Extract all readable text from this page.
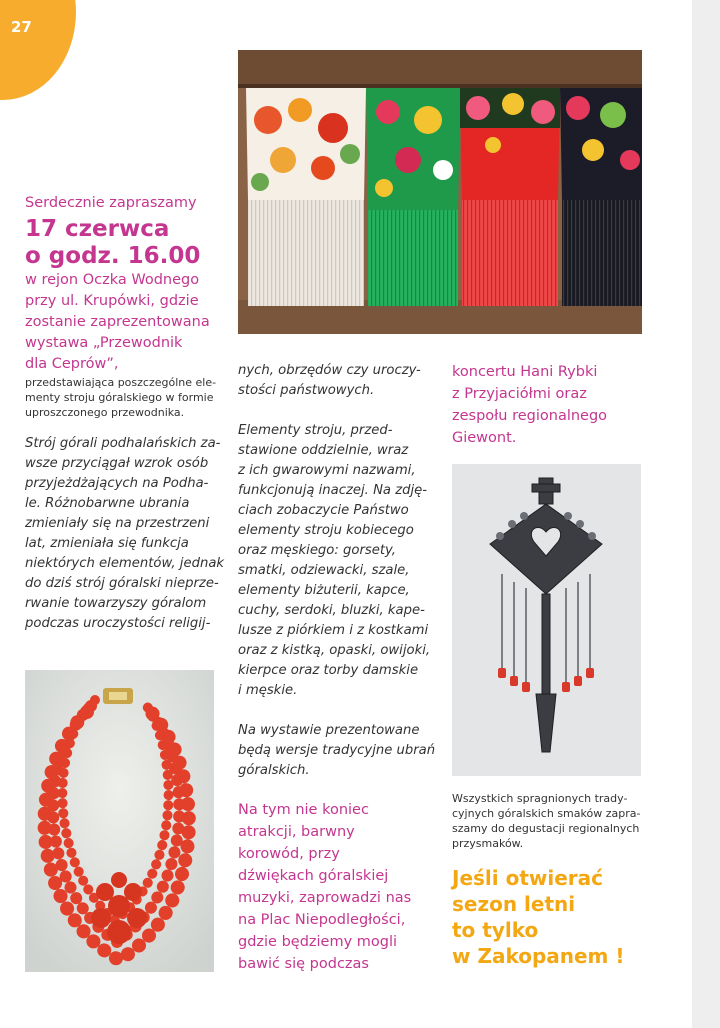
27
Serdecznie zapraszamy
17 czerwca
o godz. 16.00
w rejon Oczka Wodnego
przy ul. Krupówki, gdzie
zostanie zaprezentowana
wystawa „Przewodnik
dla Ceprów”,
przedstawiająca poszczególne ele-
menty stroju góralskiego w formie
uproszczonego przewodnika.
Strój górali podhalańskich za-
wsze przyciągał wzrok osób
przyjeżdżających na Podha-
le. Różnobarwne ubrania
zmieniały się na przestrzeni
lat, zmieniała się funkcja
niektórych elementów, jednak
do dziś strój góralski nieprze-
rwanie towarzyszy góralom
podczas uroczystości religij-
nych, obrzędów czy uroczy-
stości państwowych.
Elementy stroju, przed-
stawione oddzielnie, wraz
z ich gwarowymi nazwami,
funkcjonują inaczej. Na zdję-
ciach zobaczycie Państwo
elementy stroju kobiecego
oraz męskiego: gorsety,
smatki, odziewacki, szale,
elementy biżuterii, kapce,
cuchy, serdoki, bluzki, kape-
lusze z piórkiem i z kostkami
oraz z kistką, opaski, owijoki,
kierpce oraz torby damskie
i męskie.
Na wystawie prezentowane
będą wersje tradycyjne ubrań
góralskich.
Na tym nie koniec
atrakcji, barwny
korowód, przy
dźwiękach góralskiej
muzyki, zaprowadzi nas
na Plac Niepodległości,
gdzie będziemy mogli
bawić się podczas
koncertu Hani Rybki
z Przyjaciółmi oraz
zespołu regionalnego
Giewont.
Wszystkich spragnionych trady-
cyjnych góralskich smaków zapra-
szamy do degustacji regionalnych
przysmaków.
Jeśli otwierać
sezon letni
to tylko
w Zakopanem !
